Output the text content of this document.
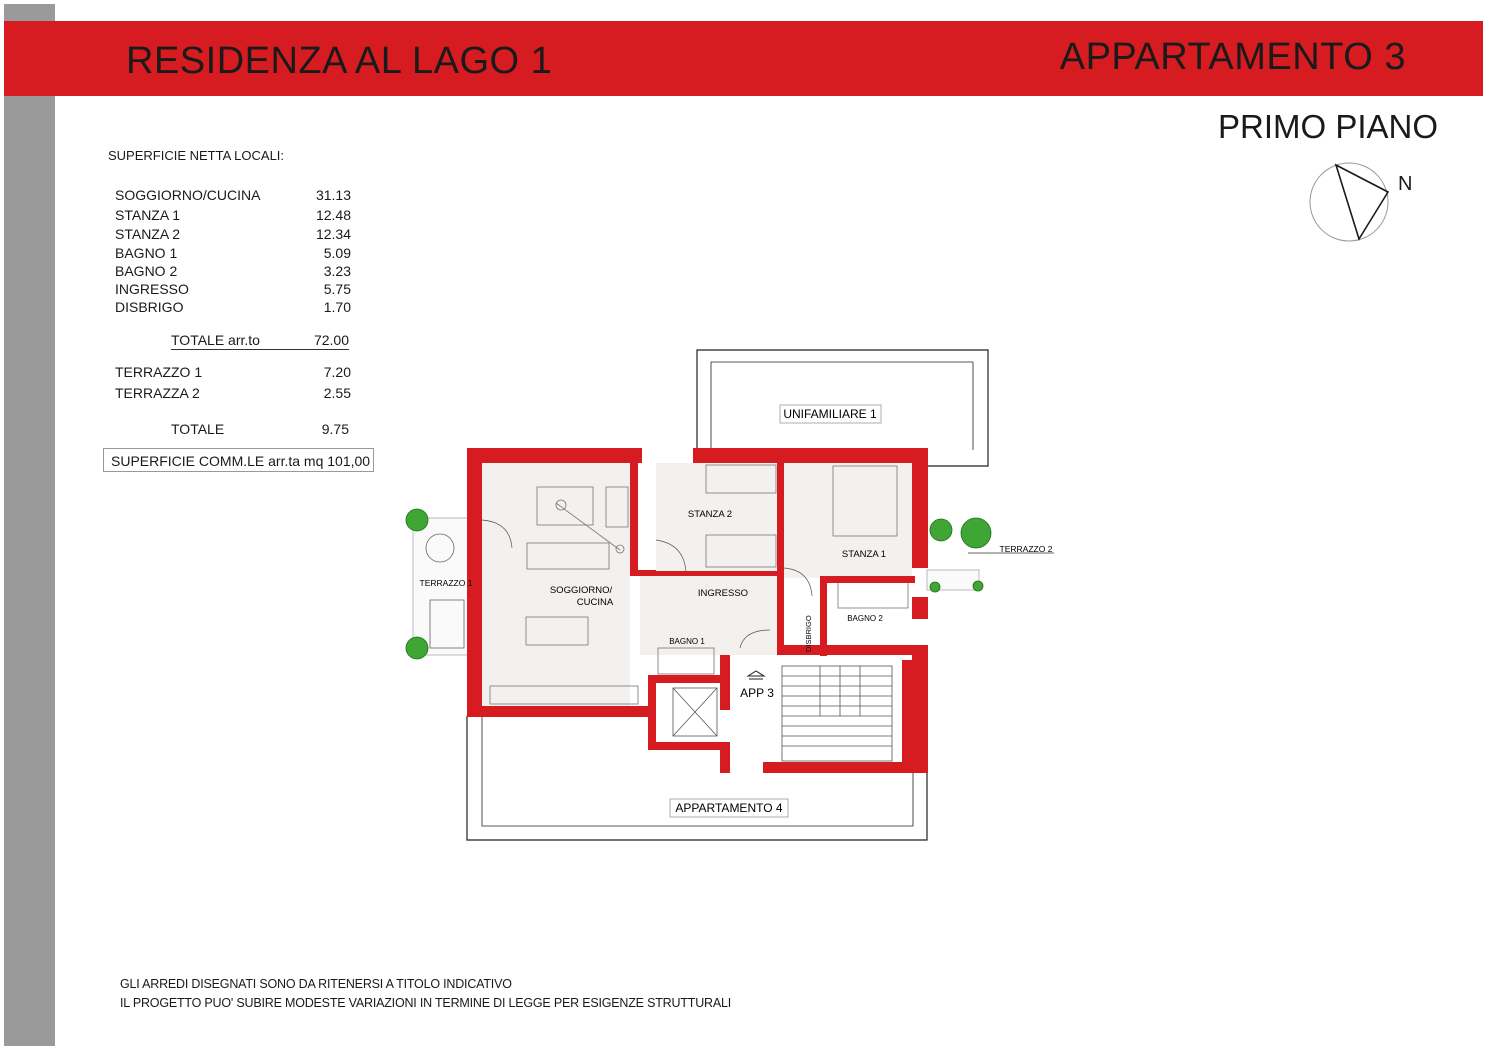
RESIDENZA AL LAGO 1	APPARTAMENTO 3
PRIMO PIANO
N
SUPERFICIE NETTA LOCALI:
SOGGIORNO/CUCINA	31.13
STANZA 1	12.48
STANZA 2	12.34
BAGNO 1	5.09
BAGNO 2	3.23
INGRESSO	5.75
DISBRIGO	1.70
TOTALE arr.to	72.00
TERRAZZO 1	7.20
TERRAZZA 2	2.55
TOTALE	9.75
SUPERFICIE COMM.LE arr.ta mq 101,00
UNIFAMILIARE 1
APPARTAMENTO 4
APP 3
STANZA 2
STANZA 1
SOGGIORNO/
CUCINA
INGRESSO
BAGNO 1
BAGNO 2
DISBRIGO
TERRAZZO 1
TERRAZZO 2
GLI ARREDI DISEGNATI SONO DA RITENERSI A TITOLO INDICATIVO
IL PROGETTO PUO' SUBIRE MODESTE VARIAZIONI IN TERMINE DI LEGGE PER ESIGENZE STRUTTURALI
